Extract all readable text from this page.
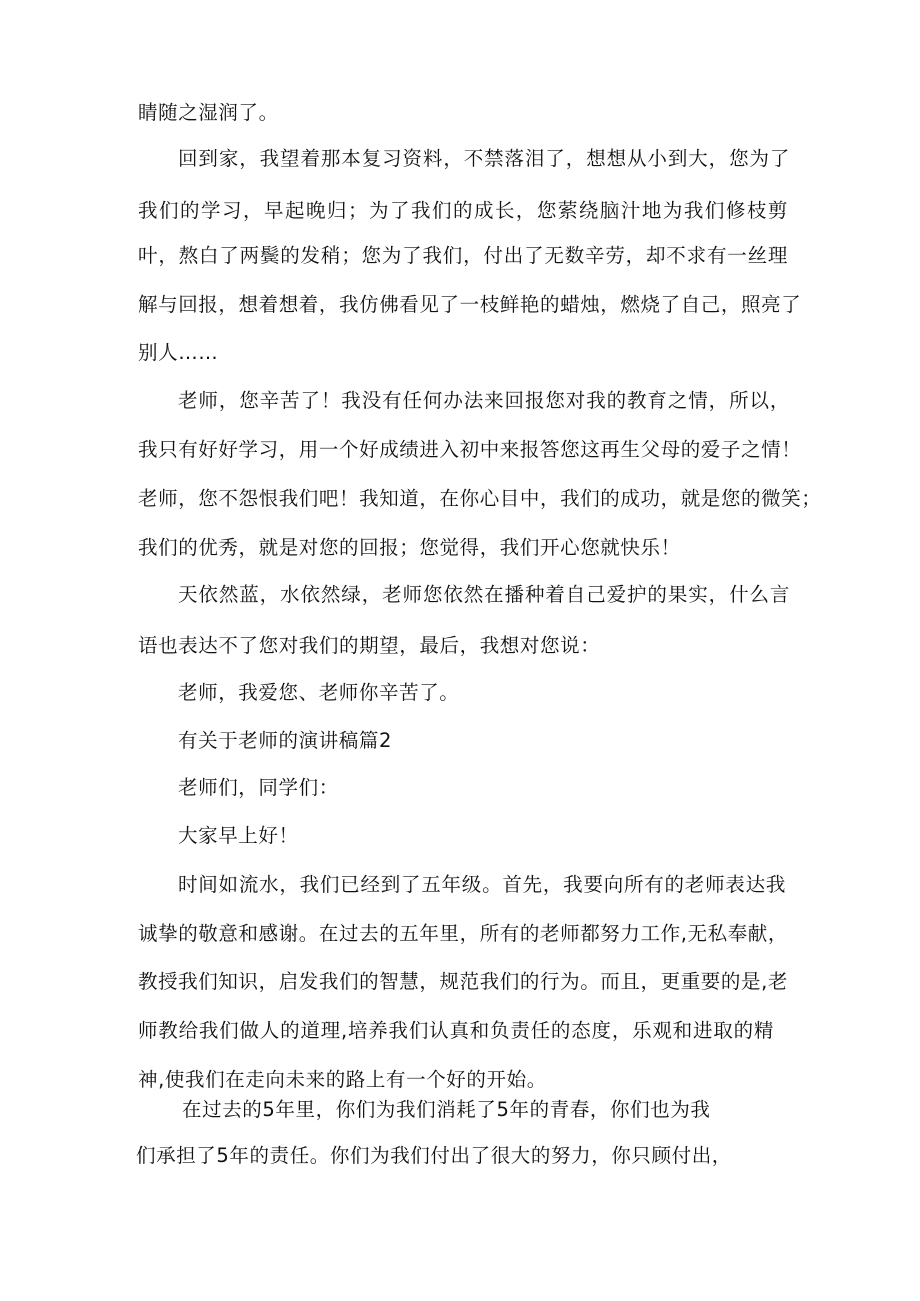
睛随之湿润了。

回到家，我望着那本复习资料，不禁落泪了，想想从小到大，您为了

我们的学习，早起晚归；为了我们的成长，您萦绕脑汁地为我们修枝剪

叶，熬白了两鬓的发稍；您为了我们，付出了无数辛劳，却不求有一丝理

解与回报，想着想着，我仿佛看见了一枝鲜艳的蜡烛，燃烧了自己，照亮了

别人……

老师，您辛苦了！我没有任何办法来回报您对我的教育之情，所以，

我只有好好学习，用一个好成绩进入初中来报答您这再生父母的爱子之情！

老师，您不怨恨我们吧！我知道，在你心目中，我们的成功，就是您的微笑；

我们的优秀，就是对您的回报；您觉得，我们开心您就快乐！

天依然蓝，水依然绿，老师您依然在播种着自己爱护的果实，什么言

语也表达不了您对我们的期望，最后，我想对您说：

老师，我爱您、老师你辛苦了。

有关于老师的演讲稿篇2

老师们，同学们：

大家早上好！

时间如流水，我们已经到了五年级。首先，我要向所有的老师表达我

诚挚的敬意和感谢。在过去的五年里，所有的老师都努力工作,无私奉献，

教授我们知识，启发我们的智慧，规范我们的行为。而且，更重要的是,老

师教给我们做人的道理,培养我们认真和负责任的态度，乐观和进取的精

神,使我们在走向未来的路上有一个好的开始。

在过去的5年里，你们为我们消耗了5年的青春，你们也为我

们承担了5年的责任。你们为我们付出了很大的努力，你只顾付出，
